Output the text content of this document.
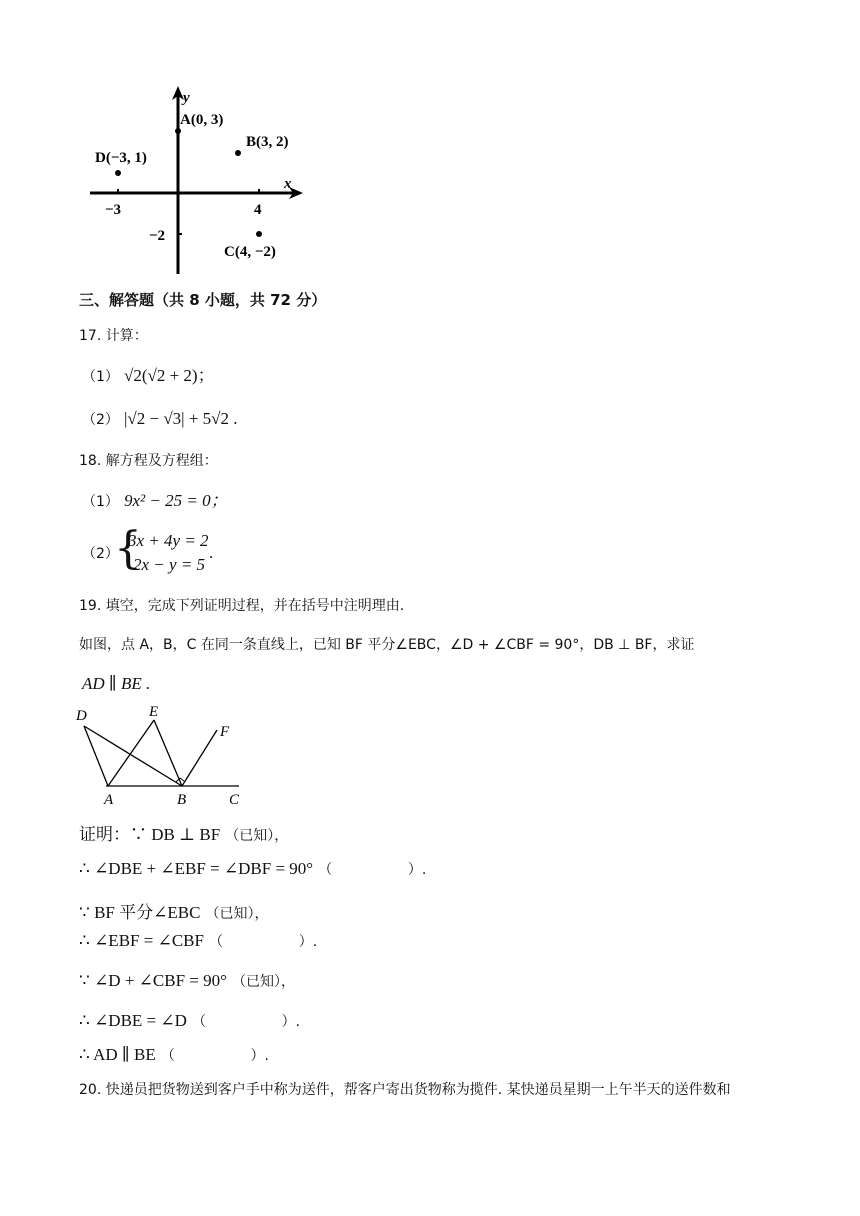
x
y
A(0, 3)
B(3, 2)
C(4, −2)
D(−3, 1)
−3	4
−2
三、解答题（共 8 小题，共 72 分）
17. 计算：
（1） √2(√2 + 2)；
（2） |√2 − √3| + 5√2 .
18. 解方程及方程组：
（1） 9x² − 25 = 0；
（2）
{
3x + 4y = 2
2x − y = 5
.
19. 填空，完成下列证明过程，并在括号中注明理由.
如图，点 A，B，C 在同一条直线上，已知 BF 平分∠EBC，∠D + ∠CBF = 90°，DB ⊥ BF，求证
AD ∥ BE .
D	E
F
A	B	C
证明：∵ DB ⊥ BF （已知），
∴ ∠DBE + ∠EBF = ∠DBF = 90° （                 ）.
∵ BF 平分∠EBC （已知），
∴ ∠EBF = ∠CBF （                 ）.
∵ ∠D + ∠CBF = 90° （已知），
∴ ∠DBE = ∠D （                 ）.
∴ AD ∥ BE （                 ）.
20. 快递员把货物送到客户手中称为送件，帮客户寄出货物称为揽件. 某快递员星期一上午半天的送件数和
